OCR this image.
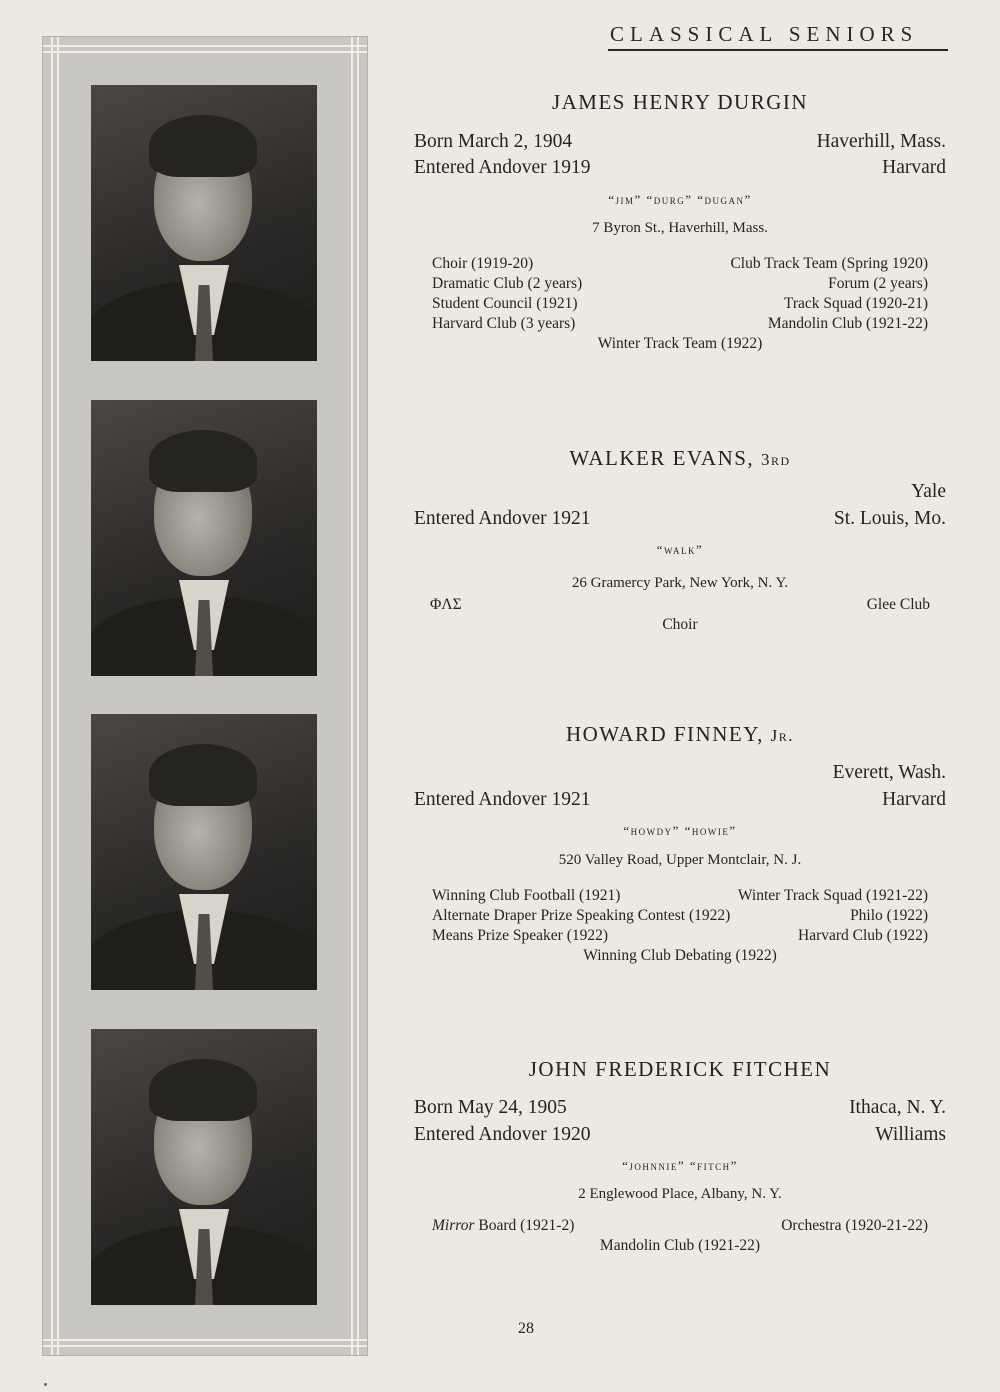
CLASSICAL SENIORS
JAMES HENRY DURGIN
Born March 2, 1904	Haverhill, Mass.
Entered Andover 1919	Harvard
“jim” “durg” “dugan”
7 Byron St., Haverhill, Mass.
Choir (1919-20)	Club Track Team (Spring 1920)
Dramatic Club (2 years)	Forum (2 years)
Student Council (1921)	Track Squad (1920-21)
Harvard Club (3 years)	Mandolin Club (1921-22)
Winter Track Team (1922)
WALKER EVANS, 3rd
Yale
Entered Andover 1921	St. Louis, Mo.
“walk”
26 Gramercy Park, New York, N. Y.
ΦΛΣ	Glee Club
Choir
HOWARD FINNEY, Jr.
Everett, Wash.
Entered Andover 1921	Harvard
“howdy” “howie”
520 Valley Road, Upper Montclair, N. J.
Winning Club Football (1921)	Winter Track Squad (1921-22)
Alternate Draper Prize Speaking Contest (1922)	Philo (1922)
Means Prize Speaker (1922)	Harvard Club (1922)
Winning Club Debating (1922)
JOHN FREDERICK FITCHEN
Born May 24, 1905	Ithaca, N. Y.
Entered Andover 1920	Williams
“johnnie” “fitch”
2 Englewood Place, Albany, N. Y.
Mirror Board (1921-2)	Orchestra (1920-21-22)
Mandolin Club (1921-22)
28
